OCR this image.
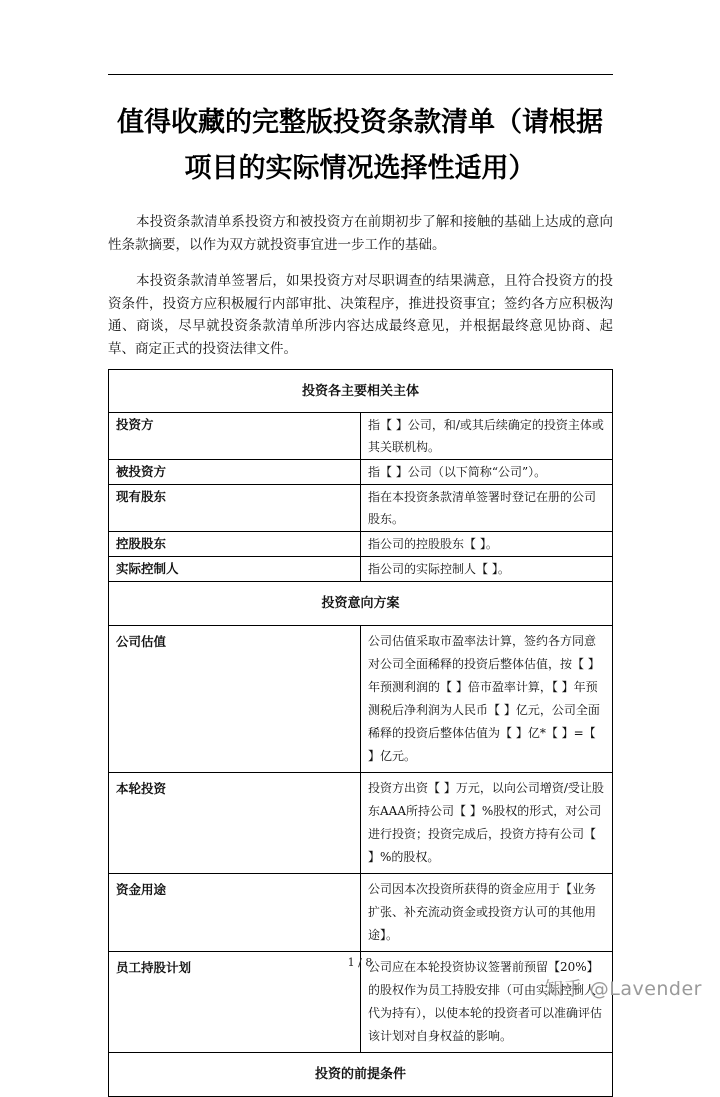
值得收藏的完整版投资条款清单（请根据
项目的实际情况选择性适用）

本投资条款清单系投资方和被投资方在前期初步了解和接触的基础上达成的意向性条款摘要，以作为双方就投资事宜进一步工作的基础。

本投资条款清单签署后，如果投资方对尽职调查的结果满意，且符合投资方的投资条件，投资方应积极履行内部审批、决策程序，推进投资事宜；签约各方应积极沟通、商谈，尽早就投资条款清单所涉内容达成最终意见，并根据最终意见协商、起草、商定正式的投资法律文件。

投资各主要相关主体	
投资方	指【 】公司，和/或其后续确定的投资主体或其关联机构。
被投资方	指【 】公司（以下简称“公司”）。
现有股东	指在本投资条款清单签署时登记在册的公司股东。
控股股东	指公司的控股股东【 】。
实际控制人	指公司的实际控制人【 】。
投资意向方案	
公司估值	公司估值采取市盈率法计算，签约各方同意对公司全面稀释的投资后整体估值，按【 】年预测利润的【 】倍市盈率计算，【 】年预测税后净利润为人民币【 】亿元，公司全面稀释的投资后整体估值为【 】亿*【 】=【 】亿元。
本轮投资	投资方出资【 】万元，以向公司增资/受让股东AAA所持公司【 】%股权的形式，对公司进行投资；投资完成后，投资方持有公司【 】%的股权。
资金用途	公司因本次投资所获得的资金应用于【业务扩张、补充流动资金或投资方认可的其他用途】。
员工持股计划	公司应在本轮投资协议签署前预留【20%】的股权作为员工持股安排（可由实际控制人代为持有），以使本轮的投资者可以准确评估该计划对自身权益的影响。
投资的前提条件	
1 / 8
知乎 @Lavender
